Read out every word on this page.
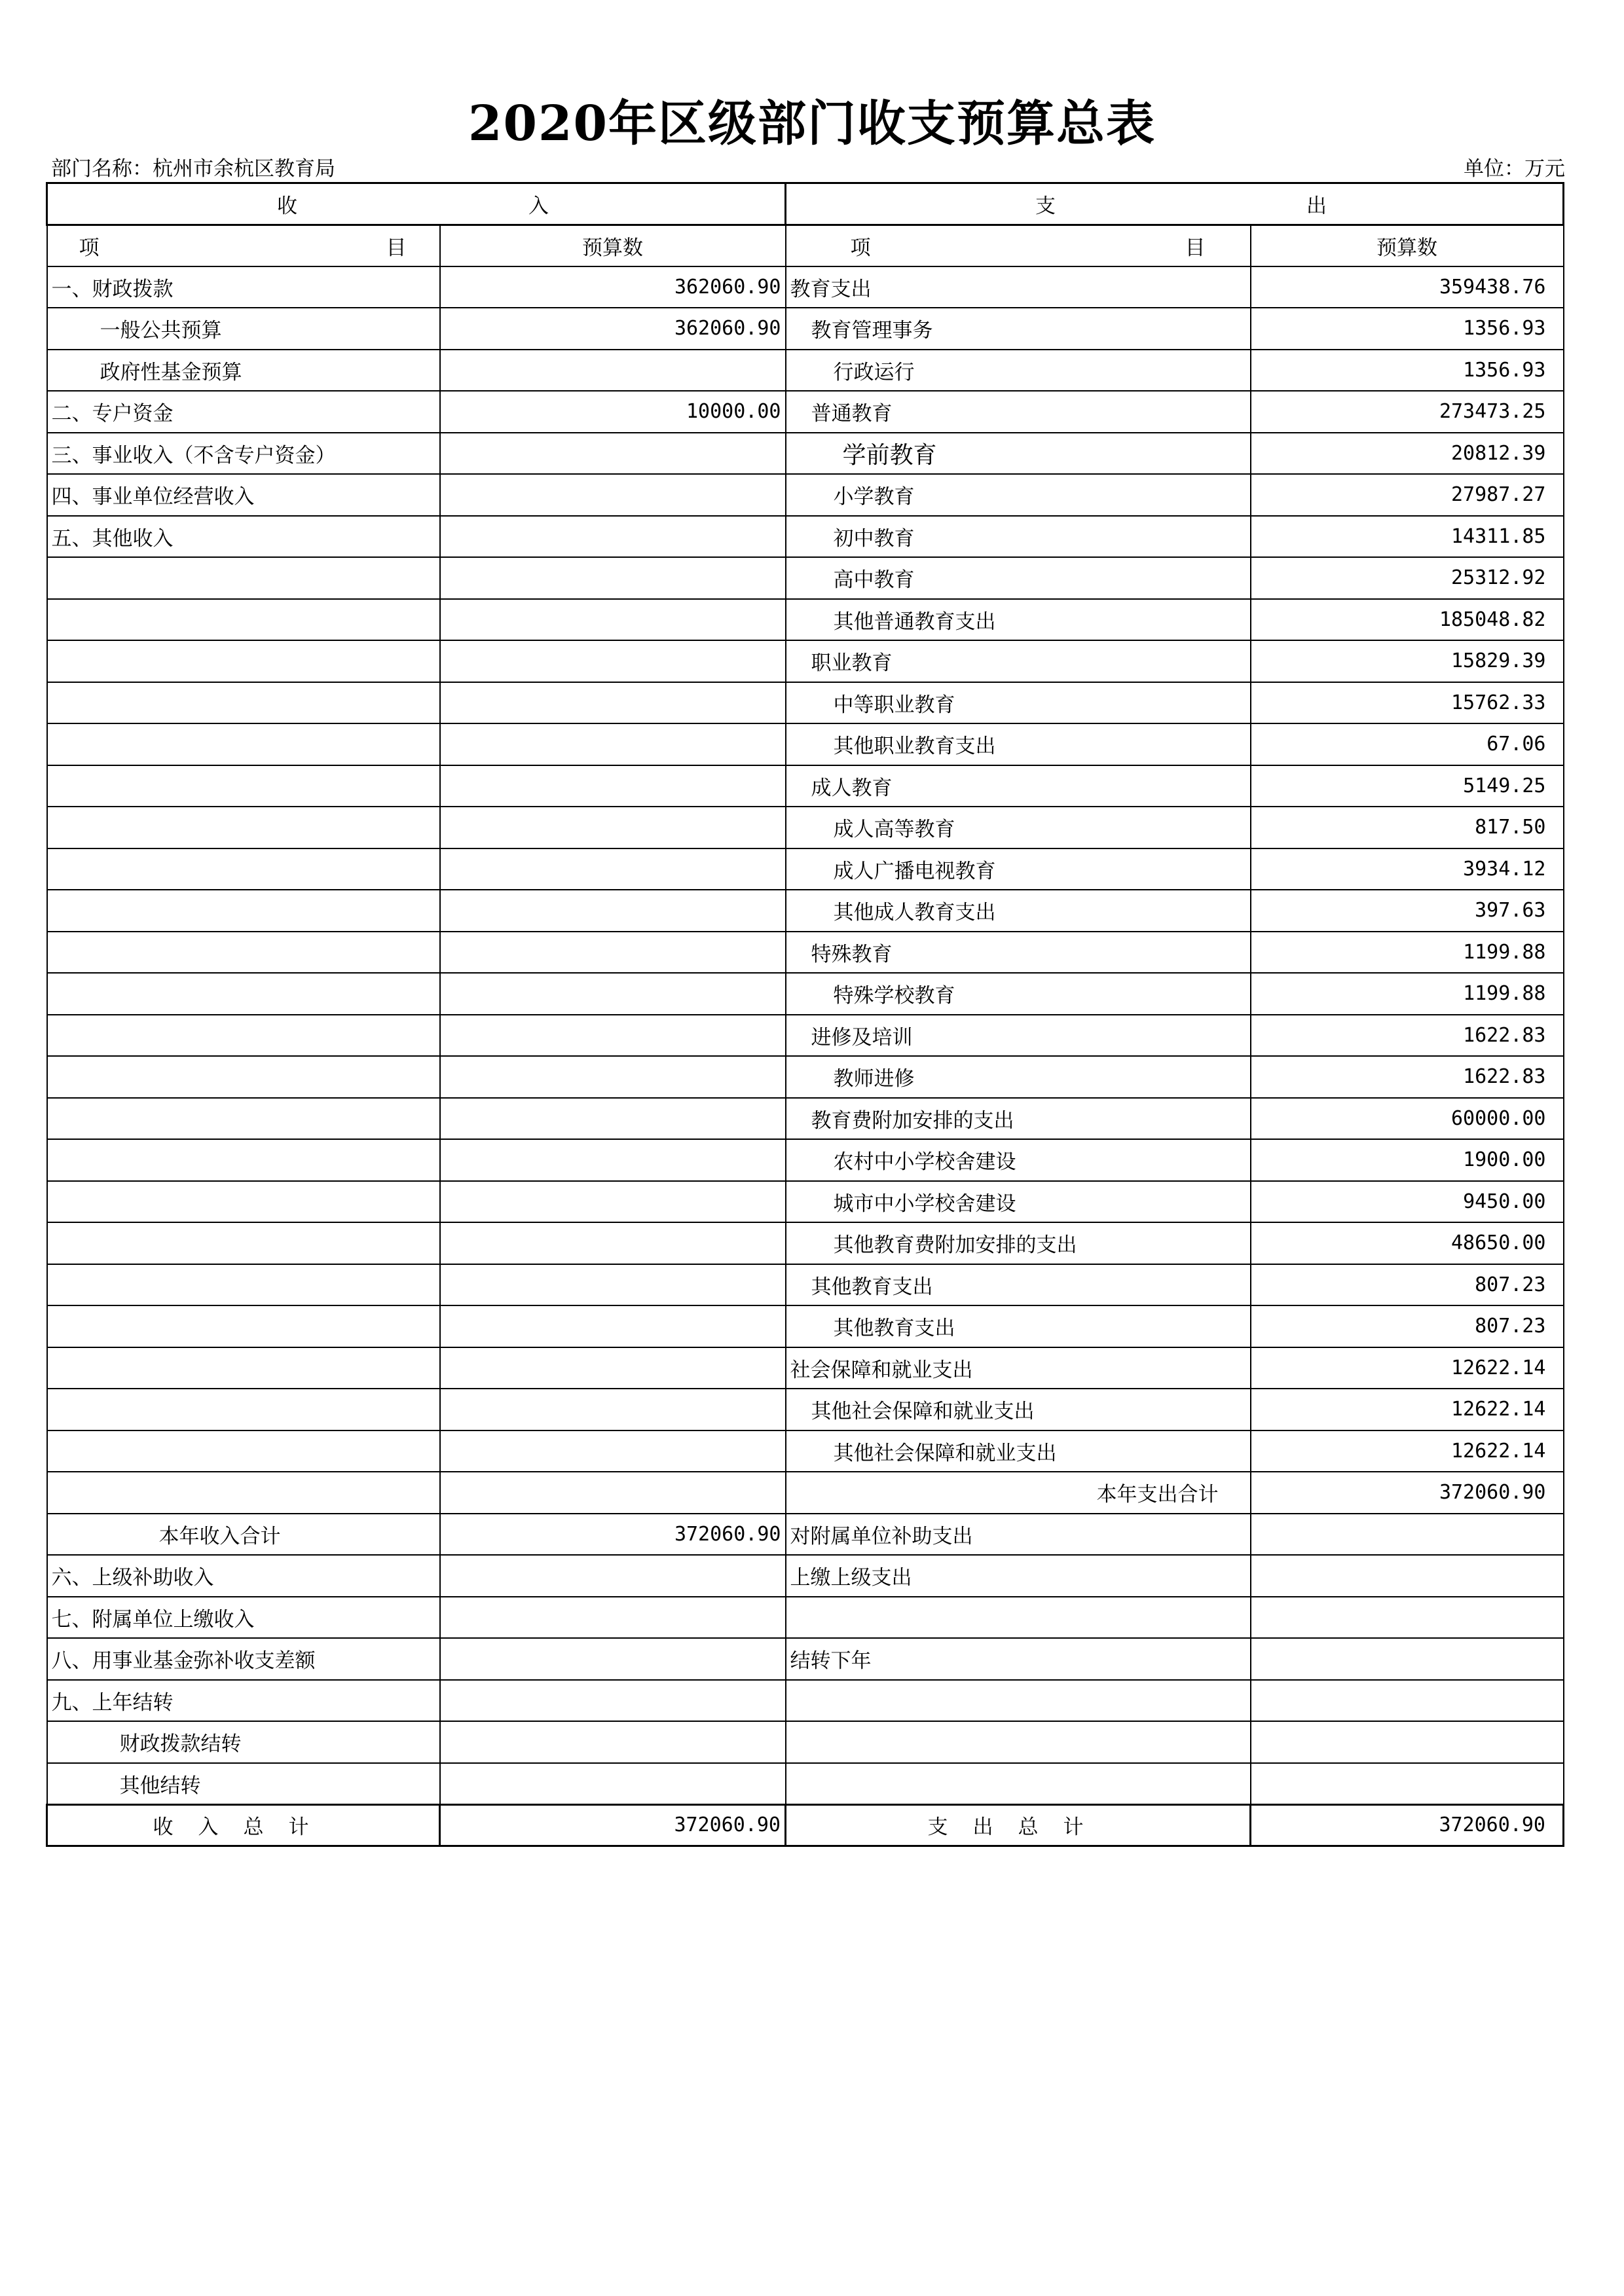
2020年区级部门收支预算总表
部门名称：杭州市余杭区教育局	单位：万元
收 入		支 出	

项 目	预算数	项 目	预算数
一、财政拨款	362060.90	教育支出	359438.76
一般公共预算	362060.90	教育管理事务	1356.93
政府性基金预算		行政运行	1356.93
二、专户资金	10000.00	普通教育	273473.25
三、事业收入（不含专户资金）		学前教育	20812.39
四、事业单位经营收入		小学教育	27987.27
五、其他收入		初中教育	14311.85
		高中教育	25312.92
		其他普通教育支出	185048.82
		职业教育	15829.39
		中等职业教育	15762.33
		其他职业教育支出	67.06
		成人教育	5149.25
		成人高等教育	817.50
		成人广播电视教育	3934.12
		其他成人教育支出	397.63
		特殊教育	1199.88
		特殊学校教育	1199.88
		进修及培训	1622.83
		教师进修	1622.83
		教育费附加安排的支出	60000.00
		农村中小学校舍建设	1900.00
		城市中小学校舍建设	9450.00
		其他教育费附加安排的支出	48650.00
		其他教育支出	807.23
		其他教育支出	807.23
		社会保障和就业支出	12622.14
		其他社会保障和就业支出	12622.14
		其他社会保障和就业支出	12622.14
		本年支出合计	372060.90
本年收入合计	372060.90	对附属单位补助支出	
六、上级补助收入		上缴上级支出	
七、附属单位上缴收入			
八、用事业基金弥补收支差额		结转下年	
九、上年结转			
财政拨款结转			
其他结转			
收入总计	372060.90	支出总计	372060.90
